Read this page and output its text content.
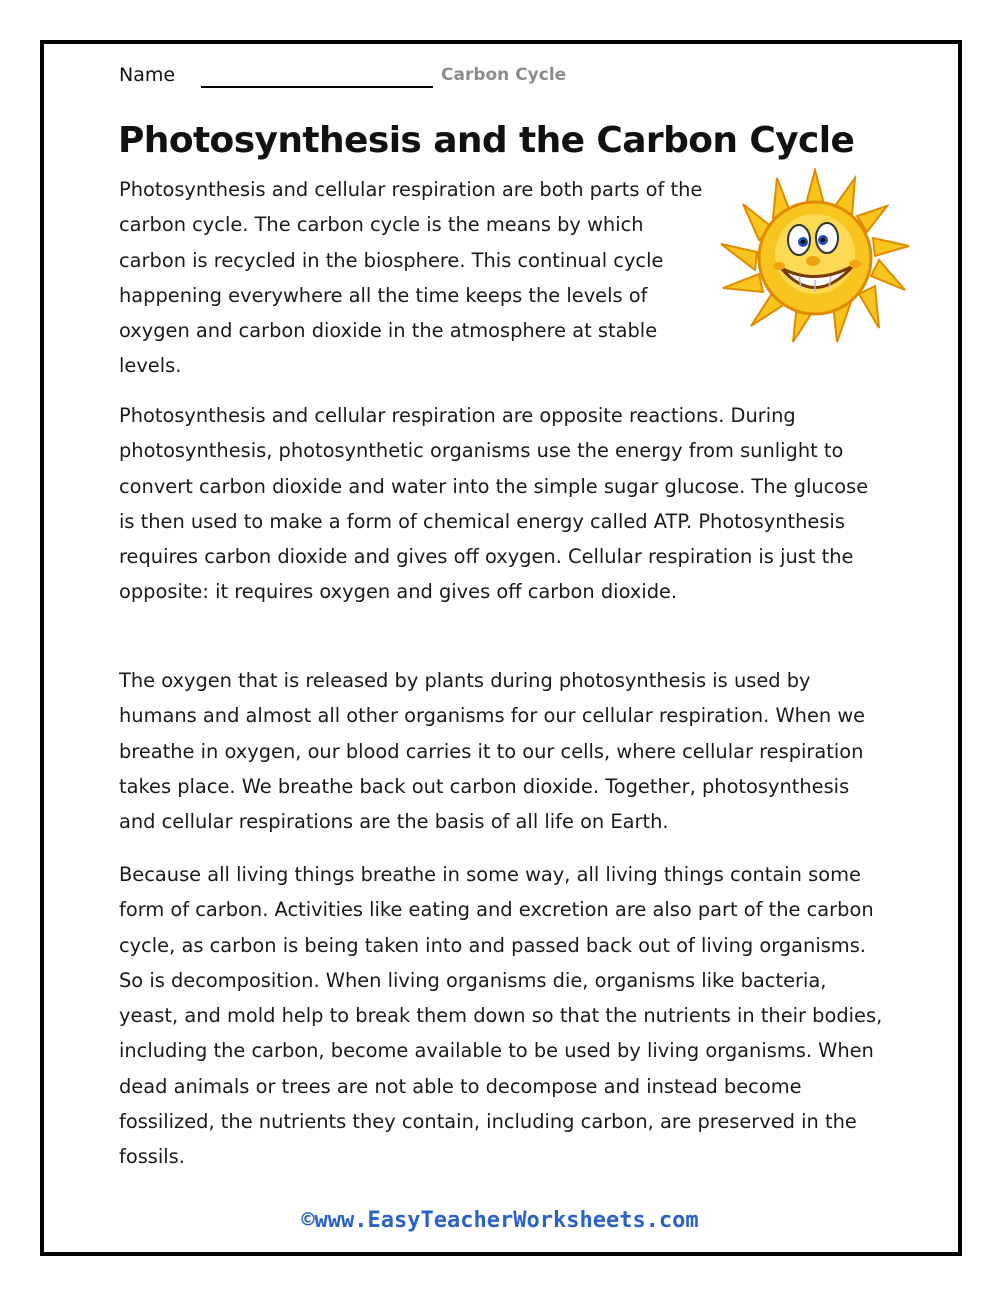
Name	Carbon Cycle
Photosynthesis and the Carbon Cycle

Photosynthesis and cellular respiration are both parts of the carbon cycle. The carbon cycle is the means by which carbon is recycled in the biosphere. This continual cycle happening everywhere all the time keeps the levels of oxygen and carbon dioxide in the atmosphere at stable levels.

Photosynthesis and cellular respiration are opposite reactions. During photosynthesis, photosynthetic organisms use the energy from sunlight to convert carbon dioxide and water into the simple sugar glucose. The glucose is then used to make a form of chemical energy called ATP. Photosynthesis requires carbon dioxide and gives off oxygen. Cellular respiration is just the opposite: it requires oxygen and gives off carbon dioxide.

The oxygen that is released by plants during photosynthesis is used by humans and almost all other organisms for our cellular respiration. When we breathe in oxygen, our blood carries it to our cells, where cellular respiration takes place. We breathe back out carbon dioxide. Together, photosynthesis and cellular respirations are the basis of all life on Earth.

Because all living things breathe in some way, all living things contain some form of carbon. Activities like eating and excretion are also part of the carbon cycle, as carbon is being taken into and passed back out of living organisms. So is decomposition. When living organisms die, organisms like bacteria, yeast, and mold help to break them down so that the nutrients in their bodies, including the carbon, become available to be used by living organisms. When dead animals or trees are not able to decompose and instead become fossilized, the nutrients they contain, including carbon, are preserved in the fossils.

©www.EasyTeacherWorksheets.com
